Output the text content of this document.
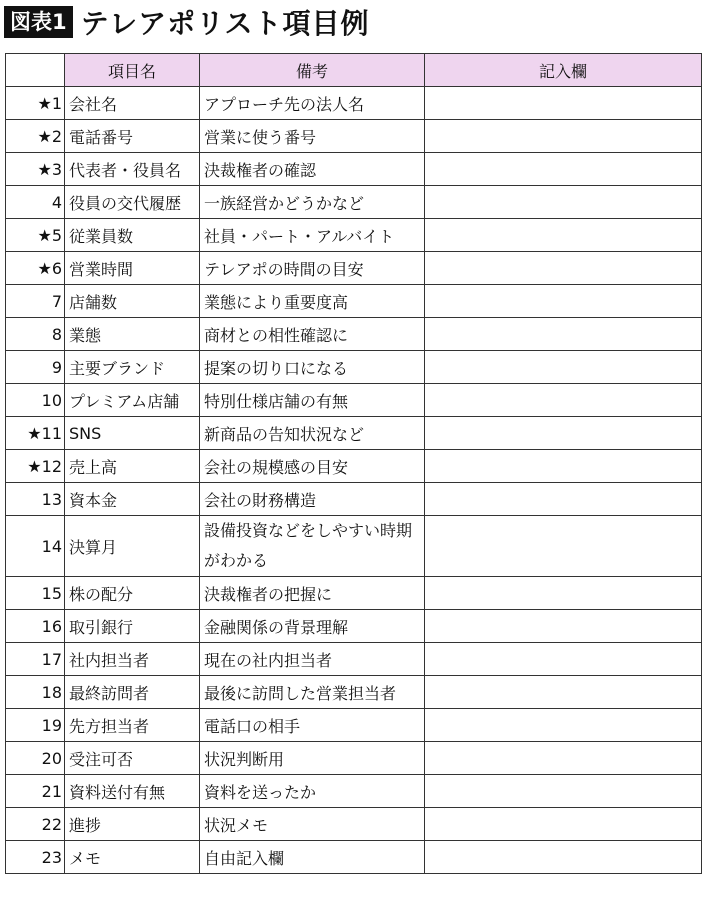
図表1 テレアポリスト項目例
	項目名	備考	記入欄
★1	会社名	アプローチ先の法人名	
★2	電話番号	営業に使う番号	
★3	代表者・役員名	決裁権者の確認	
4	役員の交代履歴	一族経営かどうかなど	
★5	従業員数	社員・パート・アルバイト	
★6	営業時間	テレアポの時間の目安	
7	店舗数	業態により重要度高	
8	業態	商材との相性確認に	
9	主要ブランド	提案の切り口になる	
10	プレミアム店舗	特別仕様店舗の有無	
★11	SNS	新商品の告知状況など	
★12	売上高	会社の規模感の目安	
13	資本金	会社の財務構造	
14	決算月	設備投資などをしやすい時期がわかる	
15	株の配分	決裁権者の把握に	
16	取引銀行	金融関係の背景理解	
17	社内担当者	現在の社内担当者	
18	最終訪問者	最後に訪問した営業担当者	
19	先方担当者	電話口の相手	
20	受注可否	状況判断用	
21	資料送付有無	資料を送ったか	
22	進捗	状況メモ	
23	メモ	自由記入欄	
